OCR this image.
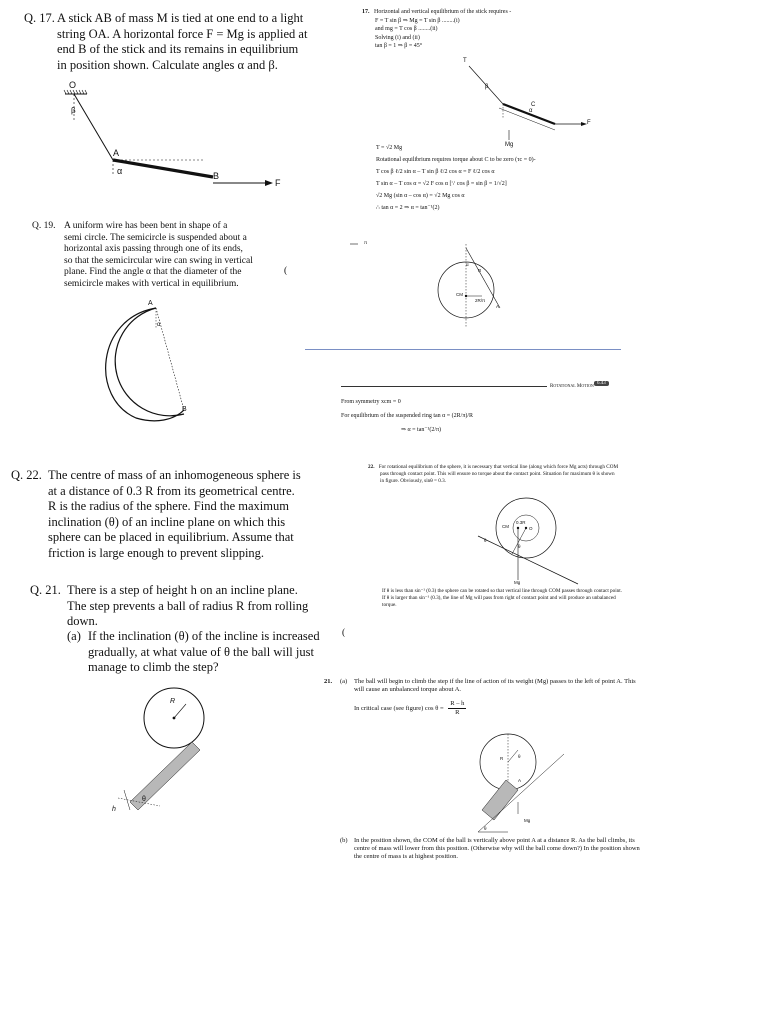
Q. 17. A stick AB of mass M is tied at one end to a light
string OA. A horizontal force F = Mg is applied at
end B of the stick and its remains in equilibrium
in position shown. Calculate angles α and β.
O
β
A
α	B
F
17. Horizontal and vertical equilibrium of the stick requires -
F = T sin β ⇒ Mg = T sin β ........(i)
and mg = T cos β ........(ii)
Solving (i) and (ii)
tan β = 1 ⇒ β = 45°
T
β
C
α
F
Mg
T = √2 Mg
Rotational equilibrium requires torque about C to be zero (τc = 0)-
T cos β ℓ/2 sin α – T sin β ℓ/2 cos α = F ℓ/2 cos α
T sin α – T cos α = √2 F cos α [∵ cos β = sin β = 1/√2]
√2 Mg (sin α – cos α) = √2 Mg cos α
∴ tan α = 2 ⇒ α = tan⁻¹(2)
Q. 19. A uniform wire has been bent in shape of a
semi circle. The semicircle is suspended about a
horizontal axis passing through one of its ends,
so that the semicircular wire can swing in vertical
plane. Find the angle α that the diameter of the
semicircle makes with vertical in equilibrium.
A
α
B
(
π
α
R
CM
2R/π
A
Rotational Motion
6.43
From symmetry xcm = 0
For equilibrium of the suspended ring tan α = (2R/π)/R
⇒ α = tan⁻¹(2/π)
Q. 22. The centre of mass of an inhomogeneous sphere is
at a distance of 0.3 R from its geometrical centre.
R is the radius of the sphere. Find the maximum
inclination (θ) of an incline plane on which this
sphere can be placed in equilibrium. Assume that
friction is large enough to prevent slipping.
22. For rotational equilibrium of the sphere, it is necessary that vertical line (along which force Mg acts) through COM
pass through contact point. This will ensure no torque about the contact point. Situation for maximum θ is shown
in figure. Obviously, sinθ = 0.3.
CM
0.3R
O
θ
θ
Mg
If θ is less than sin⁻¹ (0.3) the sphere can be rotated so that vertical line through COM passes through contact point.
If θ is larger than sin⁻¹ (0.3), the line of Mg will pass from right of contact point and will produce an unbalanced
torque.
Q. 21. There is a step of height h on an incline plane.
The step prevents a ball of radius R from rolling
down.
(a) If the inclination (θ) of the incline is increased
gradually, at what value of θ the ball will just
manage to climb the step?
(
R
h
θ
21. (a) The ball will begin to climb the step if the line of action of its weight (Mg) passes to the left of point A. This
will cause an unbalanced torque about A.
In critical case (see figure) $\cos \theta = \frac{R - h}{R}$
R	θ
A
Mg
θ
(b) In the position shown, the COM of the ball is vertically above point A at a distance R. As the ball climbs, its
centre of mass will lower from this position. (Otherwise why will the ball come down?) In the position shown
the centre of mass is at highest position.
